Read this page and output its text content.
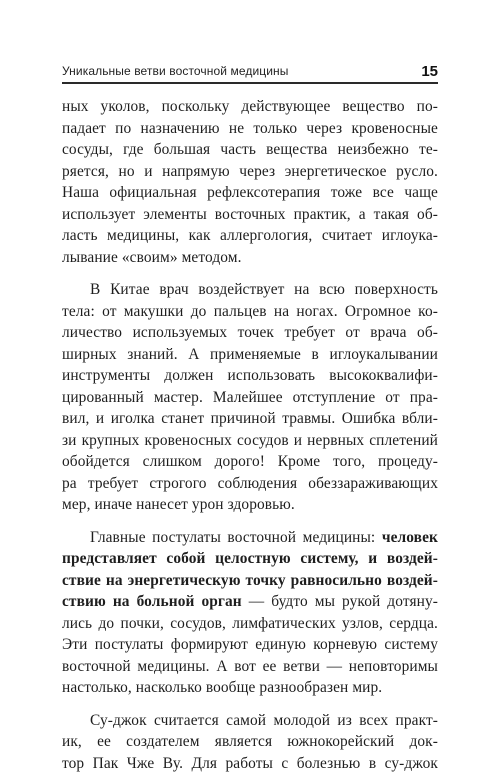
Уникальные ветви восточной медицины	15
ных уколов, поскольку действующее вещество по-
падает по назначению не только через кровеносные
сосуды, где большая часть вещества неизбежно те-
ряется, но и напрямую через энергетическое русло.
Наша официальная рефлексотерапия тоже все чаще
использует элементы восточных практик, а такая об-
ласть медицины, как аллергология, считает иглоука-
лывание «своим» методом.
В Китае врач воздействует на всю поверхность
тела: от макушки до пальцев на ногах. Огромное ко-
личество используемых точек требует от врача об-
ширных знаний. А применяемые в иглоукалывании
инструменты должен использовать высококвалифи-
цированный мастер. Малейшее отступление от пра-
вил, и иголка станет причиной травмы. Ошибка вбли-
зи крупных кровеносных сосудов и нервных сплетений
обойдется слишком дорого! Кроме того, процеду-
ра требует строгого соблюдения обеззараживающих
мер, иначе нанесет урон здоровью.
Главные постулаты восточной медицины: человек
представляет собой целостную систему, и воздей-
ствие на энергетическую точку равносильно воздей-
ствию на больной орган — будто мы рукой дотяну-
лись до почки, сосудов, лимфатических узлов, сердца.
Эти постулаты формируют единую корневую систему
восточной медицины. А вот ее ветви — неповторимы
настолько, насколько вообще разнообразен мир.
Су-джок считается самой молодой из всех практ-
ик, ее создателем является южнокорейский док-
тор Пак Чже Ву. Для работы с болезнью в су-джок
